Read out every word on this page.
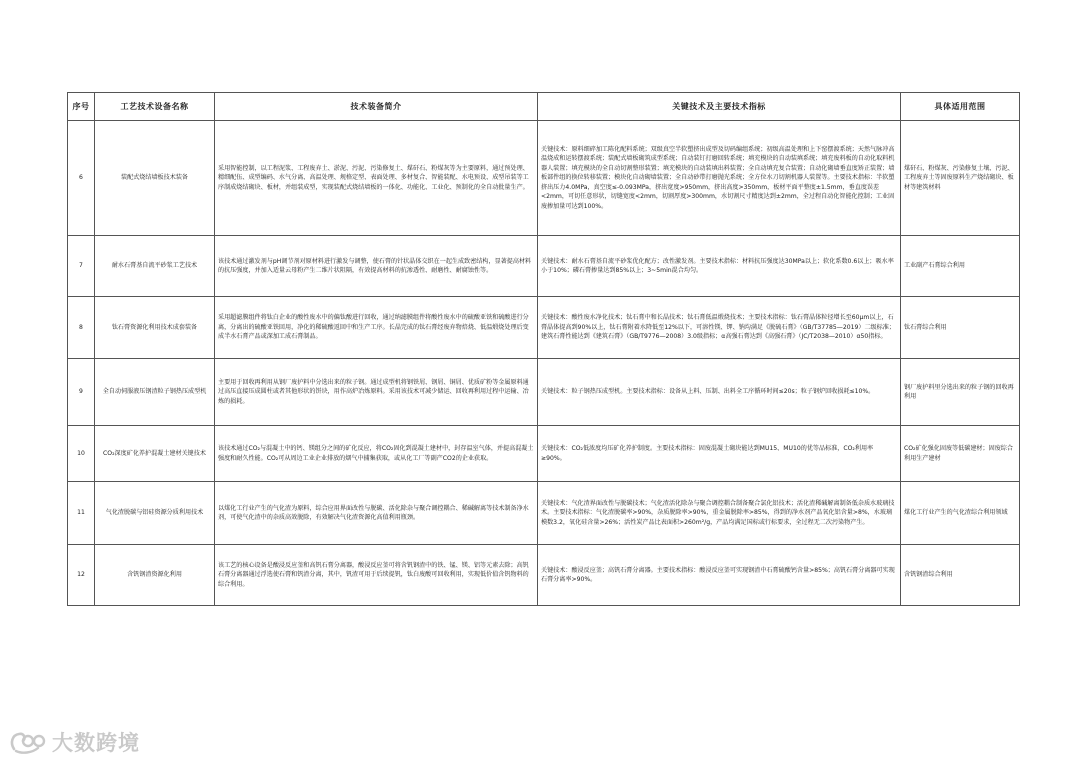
序号	工艺技术设备名称	技术装备简介	关键技术及主要技术指标	具体适用范围
6	装配式烧结墙板技术装备	采用智能控制，以工程泥浆、工程废弃土、淤泥、污泥、污染修复土、煤矸石、粉煤灰等为主要原料，通过预处理、精细配伍、成型编码、水气分离、高温处理、规格定型、表面处理、多材复合、智能装配、水电预设、成型吊装等工序制成烧结砌块、板材，并组装成型，实现装配式烧结墙板的一体化、功能化、工业化、预制化的全自动批量生产。	关键技术：原料细碎加工陈化配料系统；双级真空半软塑挤出成型及切码编组系统；初级高温处理和上下窑摆渡系统；天然气脉冲高温烧成和运转摆渡系统；装配式墙板砌筑成型系统；自动装钉打磨回转系统；填充模块的自动装填系统；填充废料板的自动化取料机器人装置；填充模块的全自动切割整形装置；填充模块的自动装填出料装置；全自动填充复合装置；自动化砌墙垂直度矫正装置；墙板部件组的换位转移装置；模块化自动砌墙装置；全自动砂带打磨抛光系统；全方位水刀切割机器人装置等。主要技术指标：半软塑挤出压力4.0MPa，真空度≤-0.093MPa，挤出宽度>950mm，挤出高度>350mm，板材平面平整度±1.5mm，垂直度误差<2mm，可切任意形状，切缝宽度<2mm，切割厚度>300mm，水切割尺寸精度达到±2mm，全过程自动化智能化控制；工业固废掺加量可达到100%。	煤矸石、粉煤灰、污染修复土壤、污泥、工程废弃土等固废原料生产烧结砌块、板材等建筑材料
7	耐水石膏基自流平砂浆工艺技术	该技术通过激发剂与pH调节剂对原材料进行激发与调整，使石膏的针状晶体交织在一起生成致密结构，显著提高材料的抗压强度，并加入适量云母粉产生二维片状阻隔，有效提高材料的抗渗透性、耐磨性、耐腐蚀性等。	关键技术：耐水石膏基自流平砂浆优化配方；改性激发剂。主要技术指标：材料抗压强度达30MPa以上；软化系数0.6以上；吸水率小于10%；磷石膏掺量达到85%以上；3~5min混合均匀。	工业副产石膏综合利用
8	钛石膏资源化利用技术成套装备	采用超滤膜组件将钛白企业的酸性废水中的偏钛酸进行回收，通过纳滤膜组件将酸性废水中的硫酸亚铁和硫酸进行分离，分离出的硫酸亚铁回用，净化的稀硫酸返回中和生产工序。长晶完成的钛石膏经废弃物焙烧、低温煅烧处理后变成半水石膏产品或深加工成石膏制品。	关键技术：酸性废水净化技术；钛石膏中和长晶技术；钛石膏低温煅烧技术；主要技术指标：钛石膏晶体粒径增长至60μm以上，石膏晶体提高到90%以上，钛石膏附着水降低至12%以下，可溶性镁、钾、钠均满足《脱硫石膏》（GB/T37785—2019）二级标准；建筑石膏性能达到《建筑石膏》（GB/T9776—2008）3.0级指标；α高强石膏达到《高强石膏》（JC/T2038—2010）α50指标。	钛石膏综合利用
9	全自动伺服液压钢渣粒子钢热压成型机	主要用于回收再利用从钢厂废护料中分选出来的粒子钢。通过成型机将钢铁屑、钢屑、铜屑、优质矿粉等金属原料通过高压直接压成圆柱或者其他形状的饼块，用作高炉冶炼原料。采用该技术可减少储运、回收再利用过程中运输、冶炼的损耗。	关键技术：粒子钢热压成型机。主要技术指标：设备从上料、压制、出料全工序循环时间≤20s；粒子钢炉回收损耗≤10%。	钢厂废护料里分选出来的粒子钢的回收再利用
10	CO₂深度矿化养护混凝土建材关键技术	该技术通过CO₂与混凝土中的钙、镁组分之间的矿化反应，将CO₂固化到混凝土建材中，封存温室气体，并提高混凝土强度和耐久性能。CO₂可从周边工业企业排放的烟气中捕集获取，或从化工厂等副产CO2的企业获取。	关键技术：CO₂低浓度均压矿化养护制度。主要技术指标：固废混凝土砌块能达到MU15、MU10的优等品标准，CO₂利用率≥90%。	CO₂矿化强化固废等低碳建材；固废综合利用生产建材
11	气化渣脱碳与铝硅资源分质利用技术	以煤化工行业产生的气化渣为原料，综合应用界面改性与脱碳、活化除杂与聚合调控耦合、稀碱解离等技术制备净水剂，可使气化渣中的杂质高效脱除，有效解决气化渣资源化高值利用瓶颈。	关键技术：气化渣界面改性与脱碳技术；气化渣活化除杂与聚合调控耦合制备聚合氯化铝技术；活化渣稀碱解离制备低杂质水玻璃技术。主要技术指标：气化渣脱碳率>90%，杂质脱除率>90%，重金属脱除率>85%，得到的净水剂产品氧化铝含量>8%，水玻璃模数3.2，氧化硅含量>26%；活性炭产品比表面积>260m²/g，产品均满足国标或行标要求，全过程无二次污染物产生。	煤化工行业产生的气化渣综合利用领域
12	含钒钢渣资源化利用	该工艺的核心设备是酸浸反应釜和高钒石膏分离器，酸浸反应釜可将含钒钢渣中的铁、锰、镁、铝等元素去除；高钒石膏分离器通过浮选使石膏和钒渣分离，其中，钒渣可用于后续提钒，钛白废酸可回收利用，实现低价值含钒物料的综合利用。	关键技术：酸浸反应釜；高钒石膏分离器。主要技术指标：酸浸反应釜可实现钢渣中石膏硫酸钙含量>85%；高钒石膏分离器可实现石膏分离率>90%。	含钒钢渣综合利用
大数跨境
